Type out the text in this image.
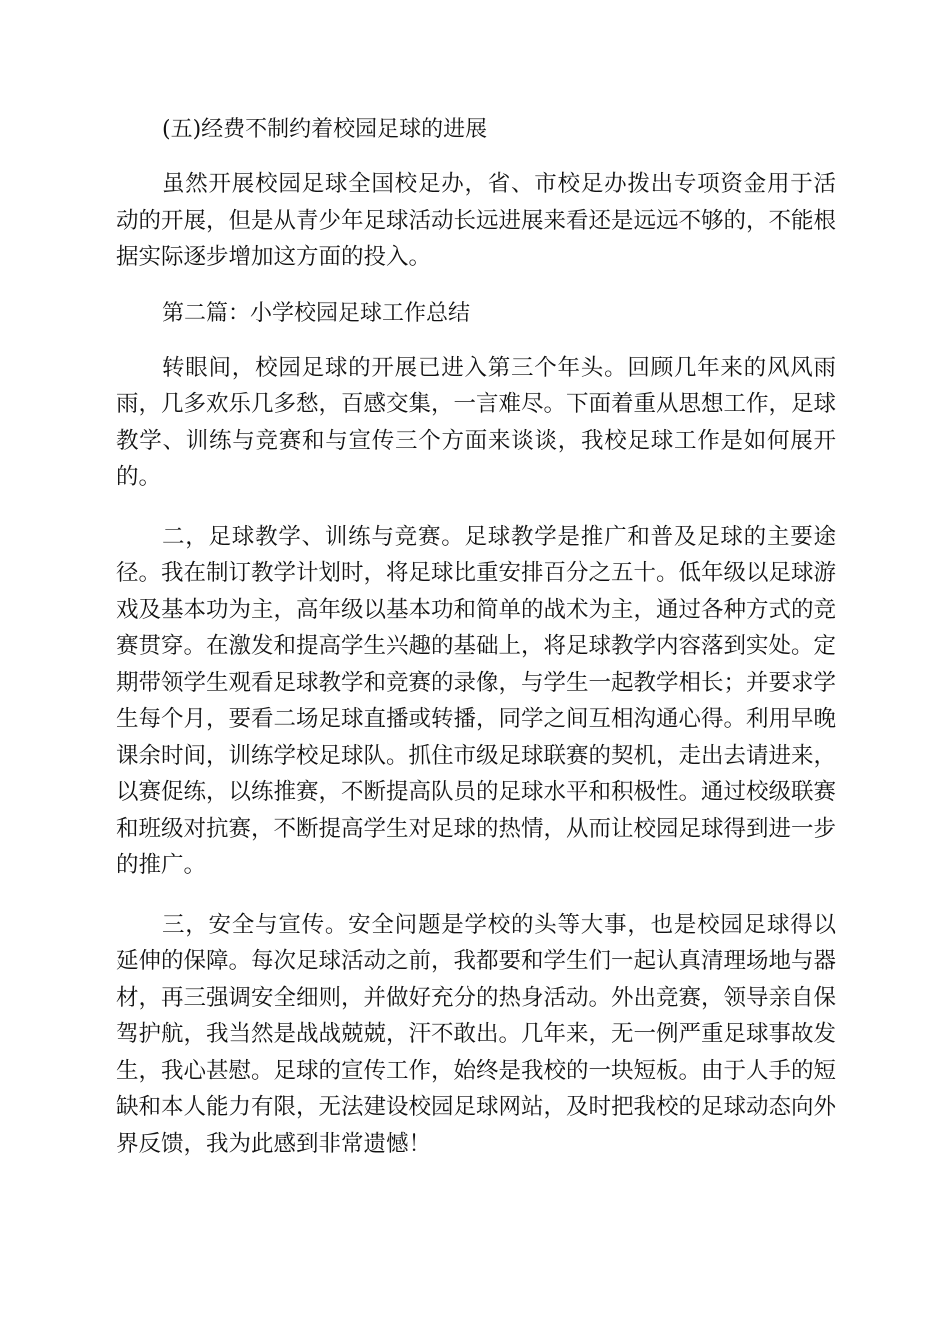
(五)经费不制约着校园足球的进展

虽然开展校园足球全国校足办，省、市校足办拨出专项资金用于活动的开展，但是从青少年足球活动长远进展来看还是远远不够的，不能根据实际逐步增加这方面的投入。

第二篇：小学校园足球工作总结

转眼间，校园足球的开展已进入第三个年头。回顾几年来的风风雨雨，几多欢乐几多愁，百感交集，一言难尽。下面着重从思想工作，足球教学、训练与竞赛和与宣传三个方面来谈谈，我校足球工作是如何展开的。

二，足球教学、训练与竞赛。足球教学是推广和普及足球的主要途径。我在制订教学计划时，将足球比重安排百分之五十。低年级以足球游戏及基本功为主，高年级以基本功和简单的战术为主，通过各种方式的竞赛贯穿。在激发和提高学生兴趣的基础上，将足球教学内容落到实处。定期带领学生观看足球教学和竞赛的录像，与学生一起教学相长；并要求学生每个月，要看二场足球直播或转播，同学之间互相沟通心得。利用早晚课余时间，训练学校足球队。抓住市级足球联赛的契机，走出去请进来，以赛促练，以练推赛，不断提高队员的足球水平和积极性。通过校级联赛和班级对抗赛，不断提高学生对足球的热情，从而让校园足球得到进一步的推广。

三，安全与宣传。安全问题是学校的头等大事，也是校园足球得以延伸的保障。每次足球活动之前，我都要和学生们一起认真清理场地与器材，再三强调安全细则，并做好充分的热身活动。外出竞赛，领导亲自保驾护航，我当然是战战兢兢，汗不敢出。几年来，无一例严重足球事故发生，我心甚慰。足球的宣传工作，始终是我校的一块短板。由于人手的短缺和本人能力有限，无法建设校园足球网站，及时把我校的足球动态向外界反馈，我为此感到非常遗憾！
